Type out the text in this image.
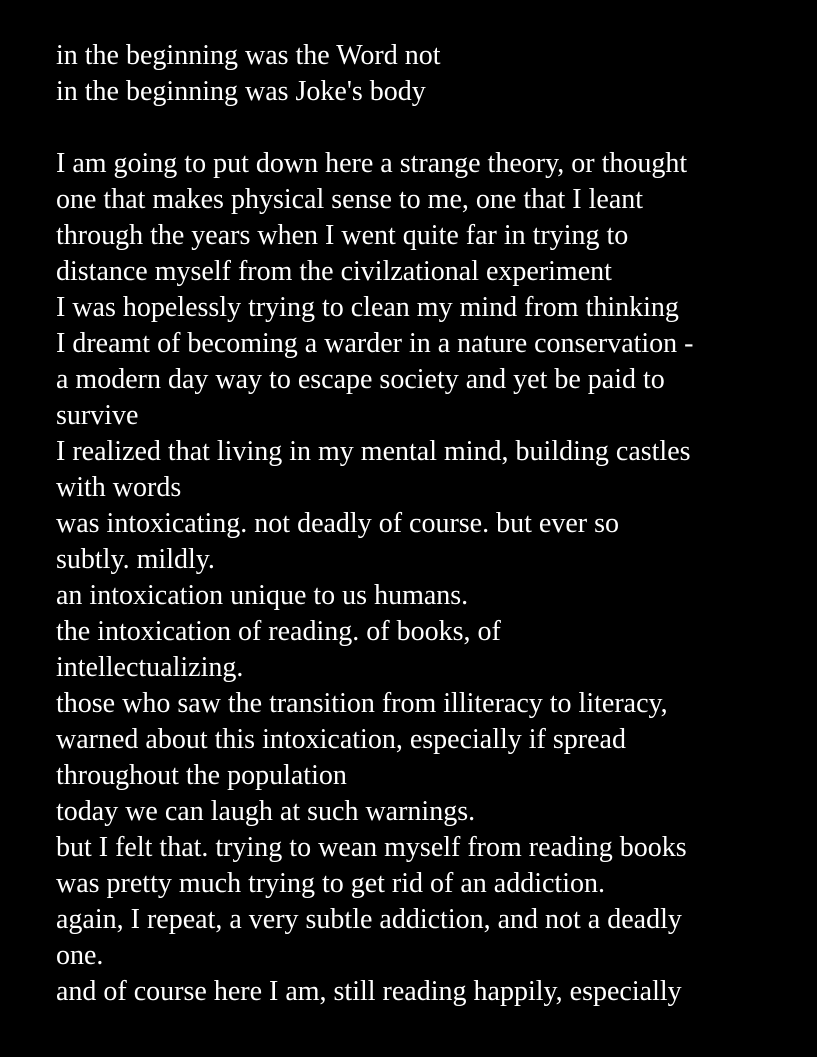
in the beginning was the Word not
in the beginning was Joke's body
I am going to put down here a strange theory, or thought
one that makes physical sense to me, one that I leant
through the years when I went quite far in trying to
distance myself from the civilzational experiment
I was hopelessly trying to clean my mind from thinking
I dreamt of becoming a warder in a nature conservation -
a modern day way to escape society and yet be paid to
survive
I realized that living in my mental mind, building castles
with words
was intoxicating. not deadly of course. but ever so
subtly. mildly.
an intoxication unique to us humans.
the intoxication of reading. of books, of
intellectualizing.
those who saw the transition from illiteracy to literacy,
warned about this intoxication, especially if spread
throughout the population
today we can laugh at such warnings.
but I felt that. trying to wean myself from reading books
was pretty much trying to get rid of an addiction.
again, I repeat, a very subtle addiction, and not a deadly
one.
and of course here I am, still reading happily, especially
